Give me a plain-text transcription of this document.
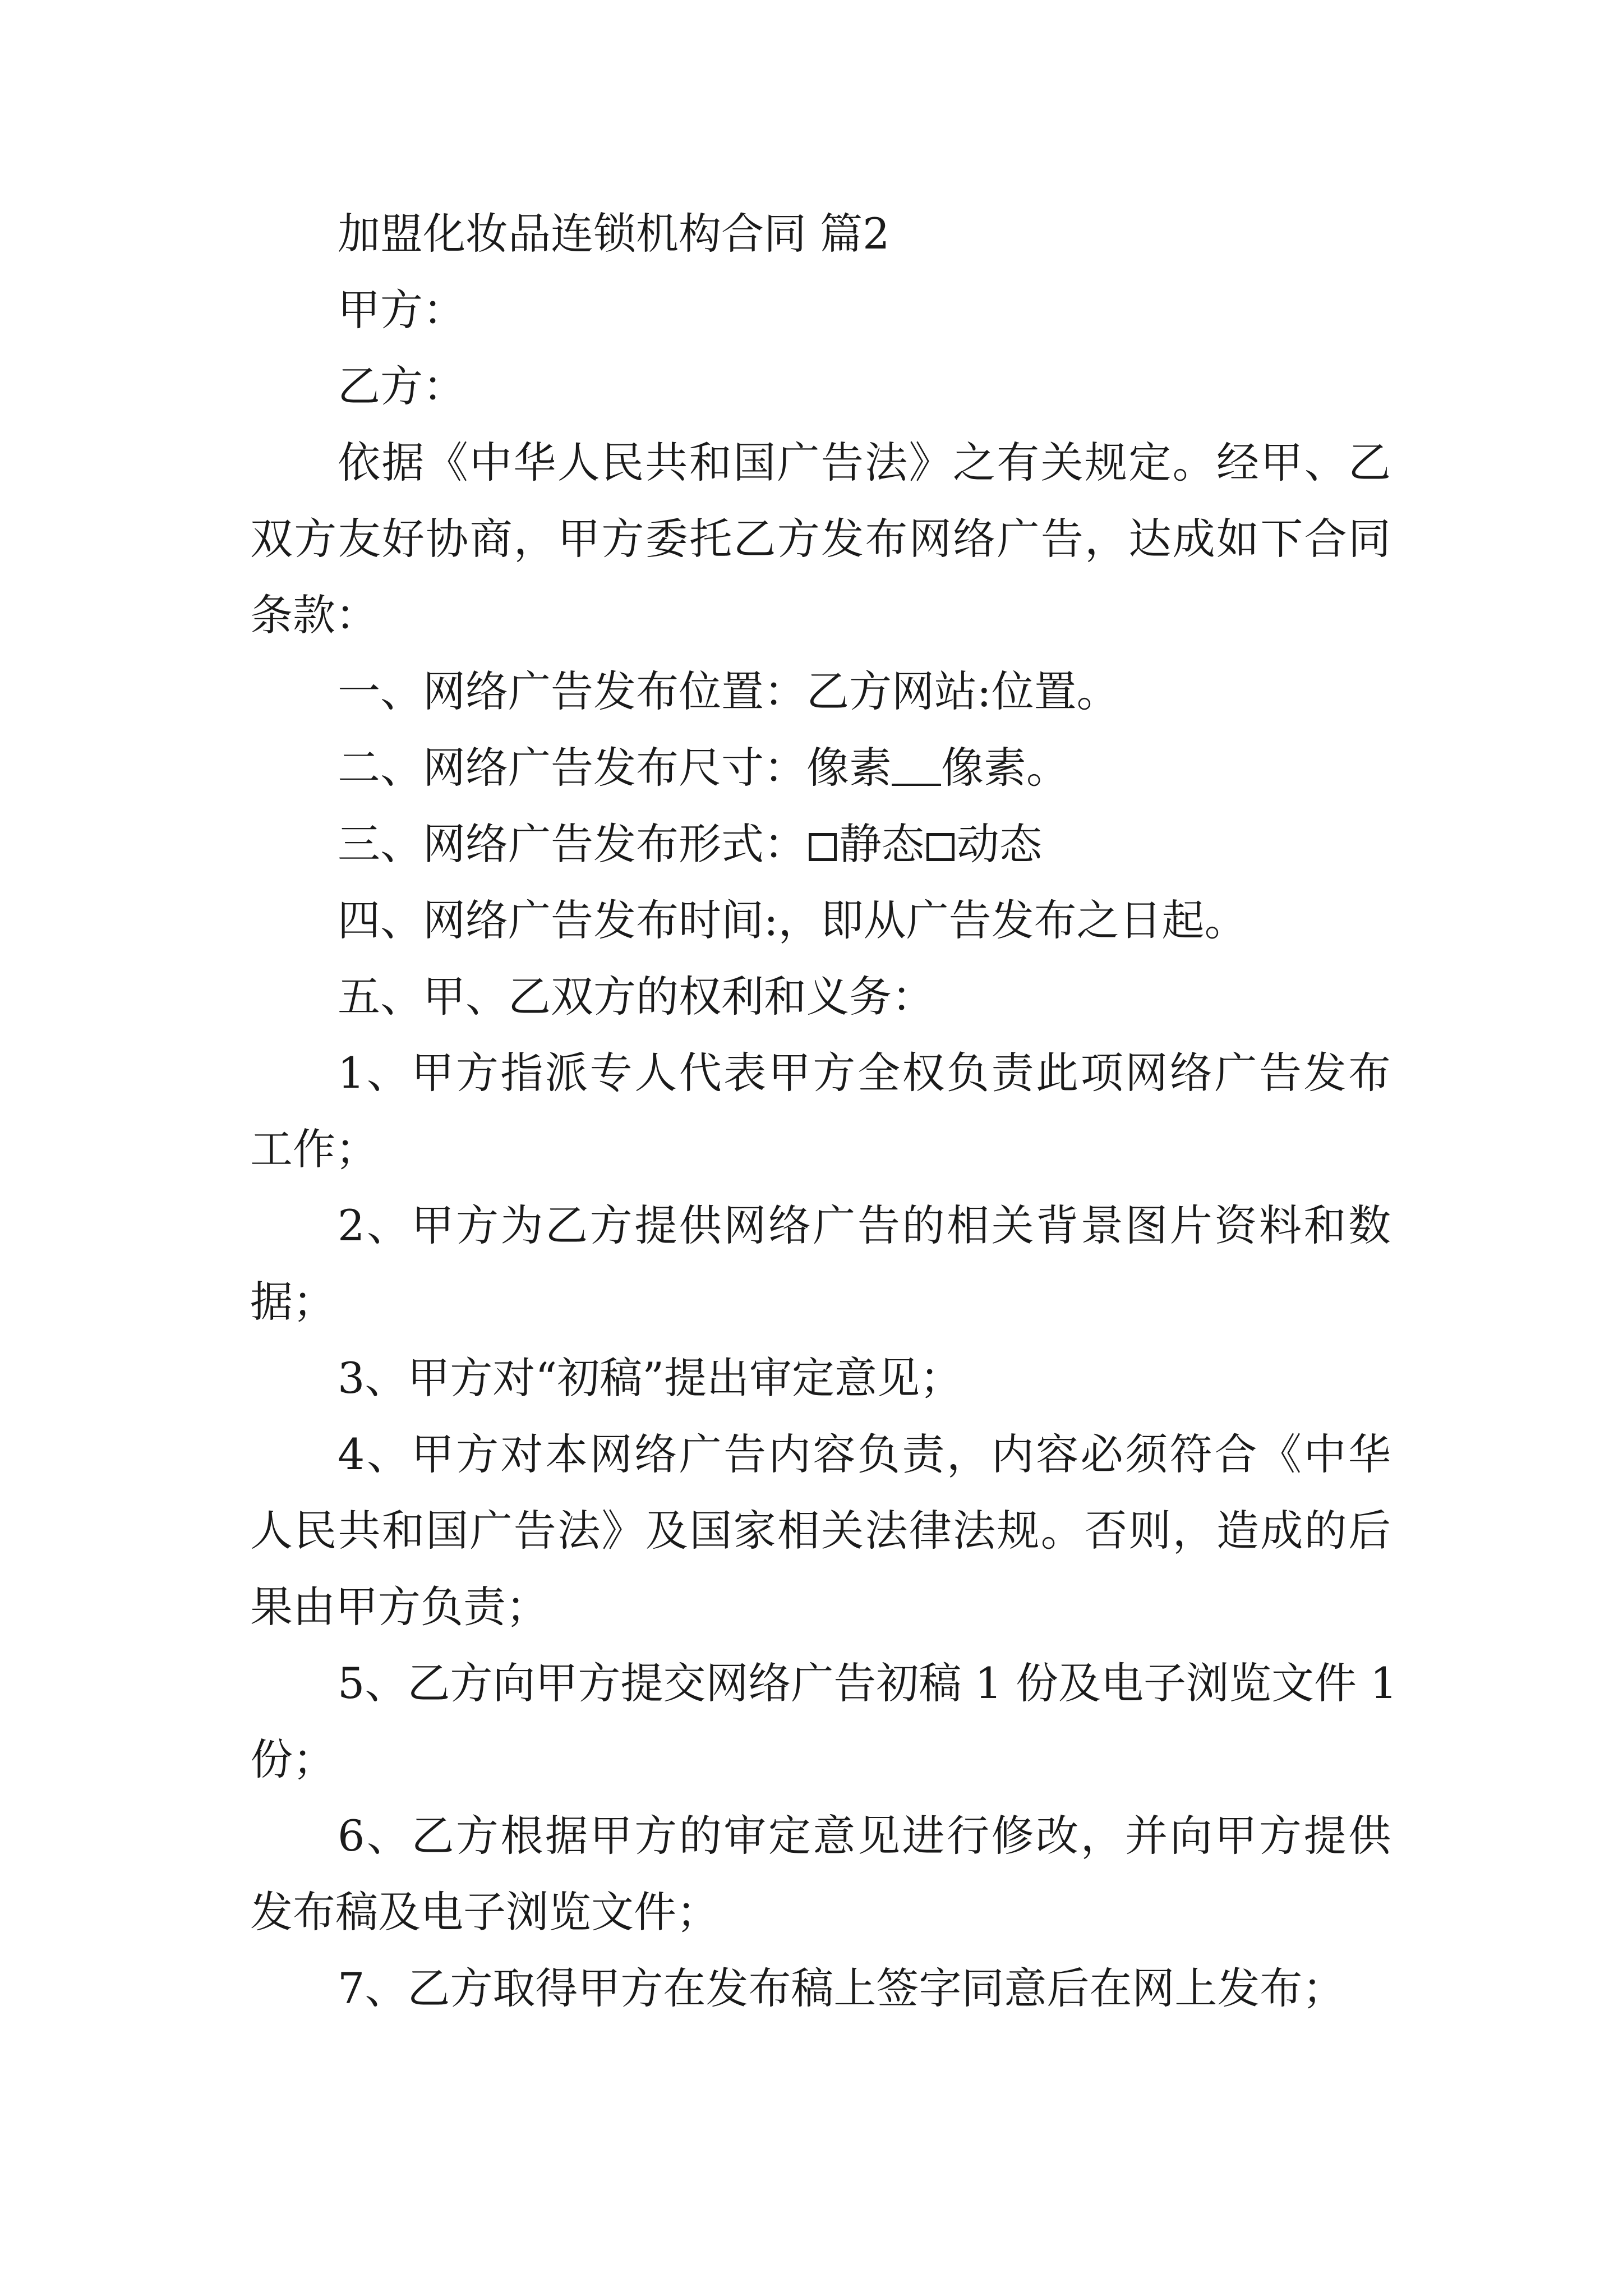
加盟化妆品连锁机构合同 篇2
甲方：
乙方：
依据《中华人民共和国广告法》之有关规定。经甲、乙
双方友好协商，甲方委托乙方发布网络广告，达成如下合同
条款：
一、网络广告发布位置：乙方网站:位置。
二、网络广告发布尺寸：像素 像素。
三、网络广告发布形式： 静态 动态
四、网络广告发布时间:，即从广告发布之日起。
五、甲、乙双方的权利和义务：
1、甲方指派专人代表甲方全权负责此项网络广告发布
工作；
2、甲方为乙方提供网络广告的相关背景图片资料和数
据；
3、甲方对“初稿”提出审定意见；
4、甲方对本网络广告内容负责，内容必须符合《中华
人民共和国广告法》及国家相关法律法规。否则，造成的后
果由甲方负责；
5、乙方向甲方提交网络广告初稿 1 份及电子浏览文件 1
份；
6、乙方根据甲方的审定意见进行修改，并向甲方提供
发布稿及电子浏览文件；
7、乙方取得甲方在发布稿上签字同意后在网上发布；
